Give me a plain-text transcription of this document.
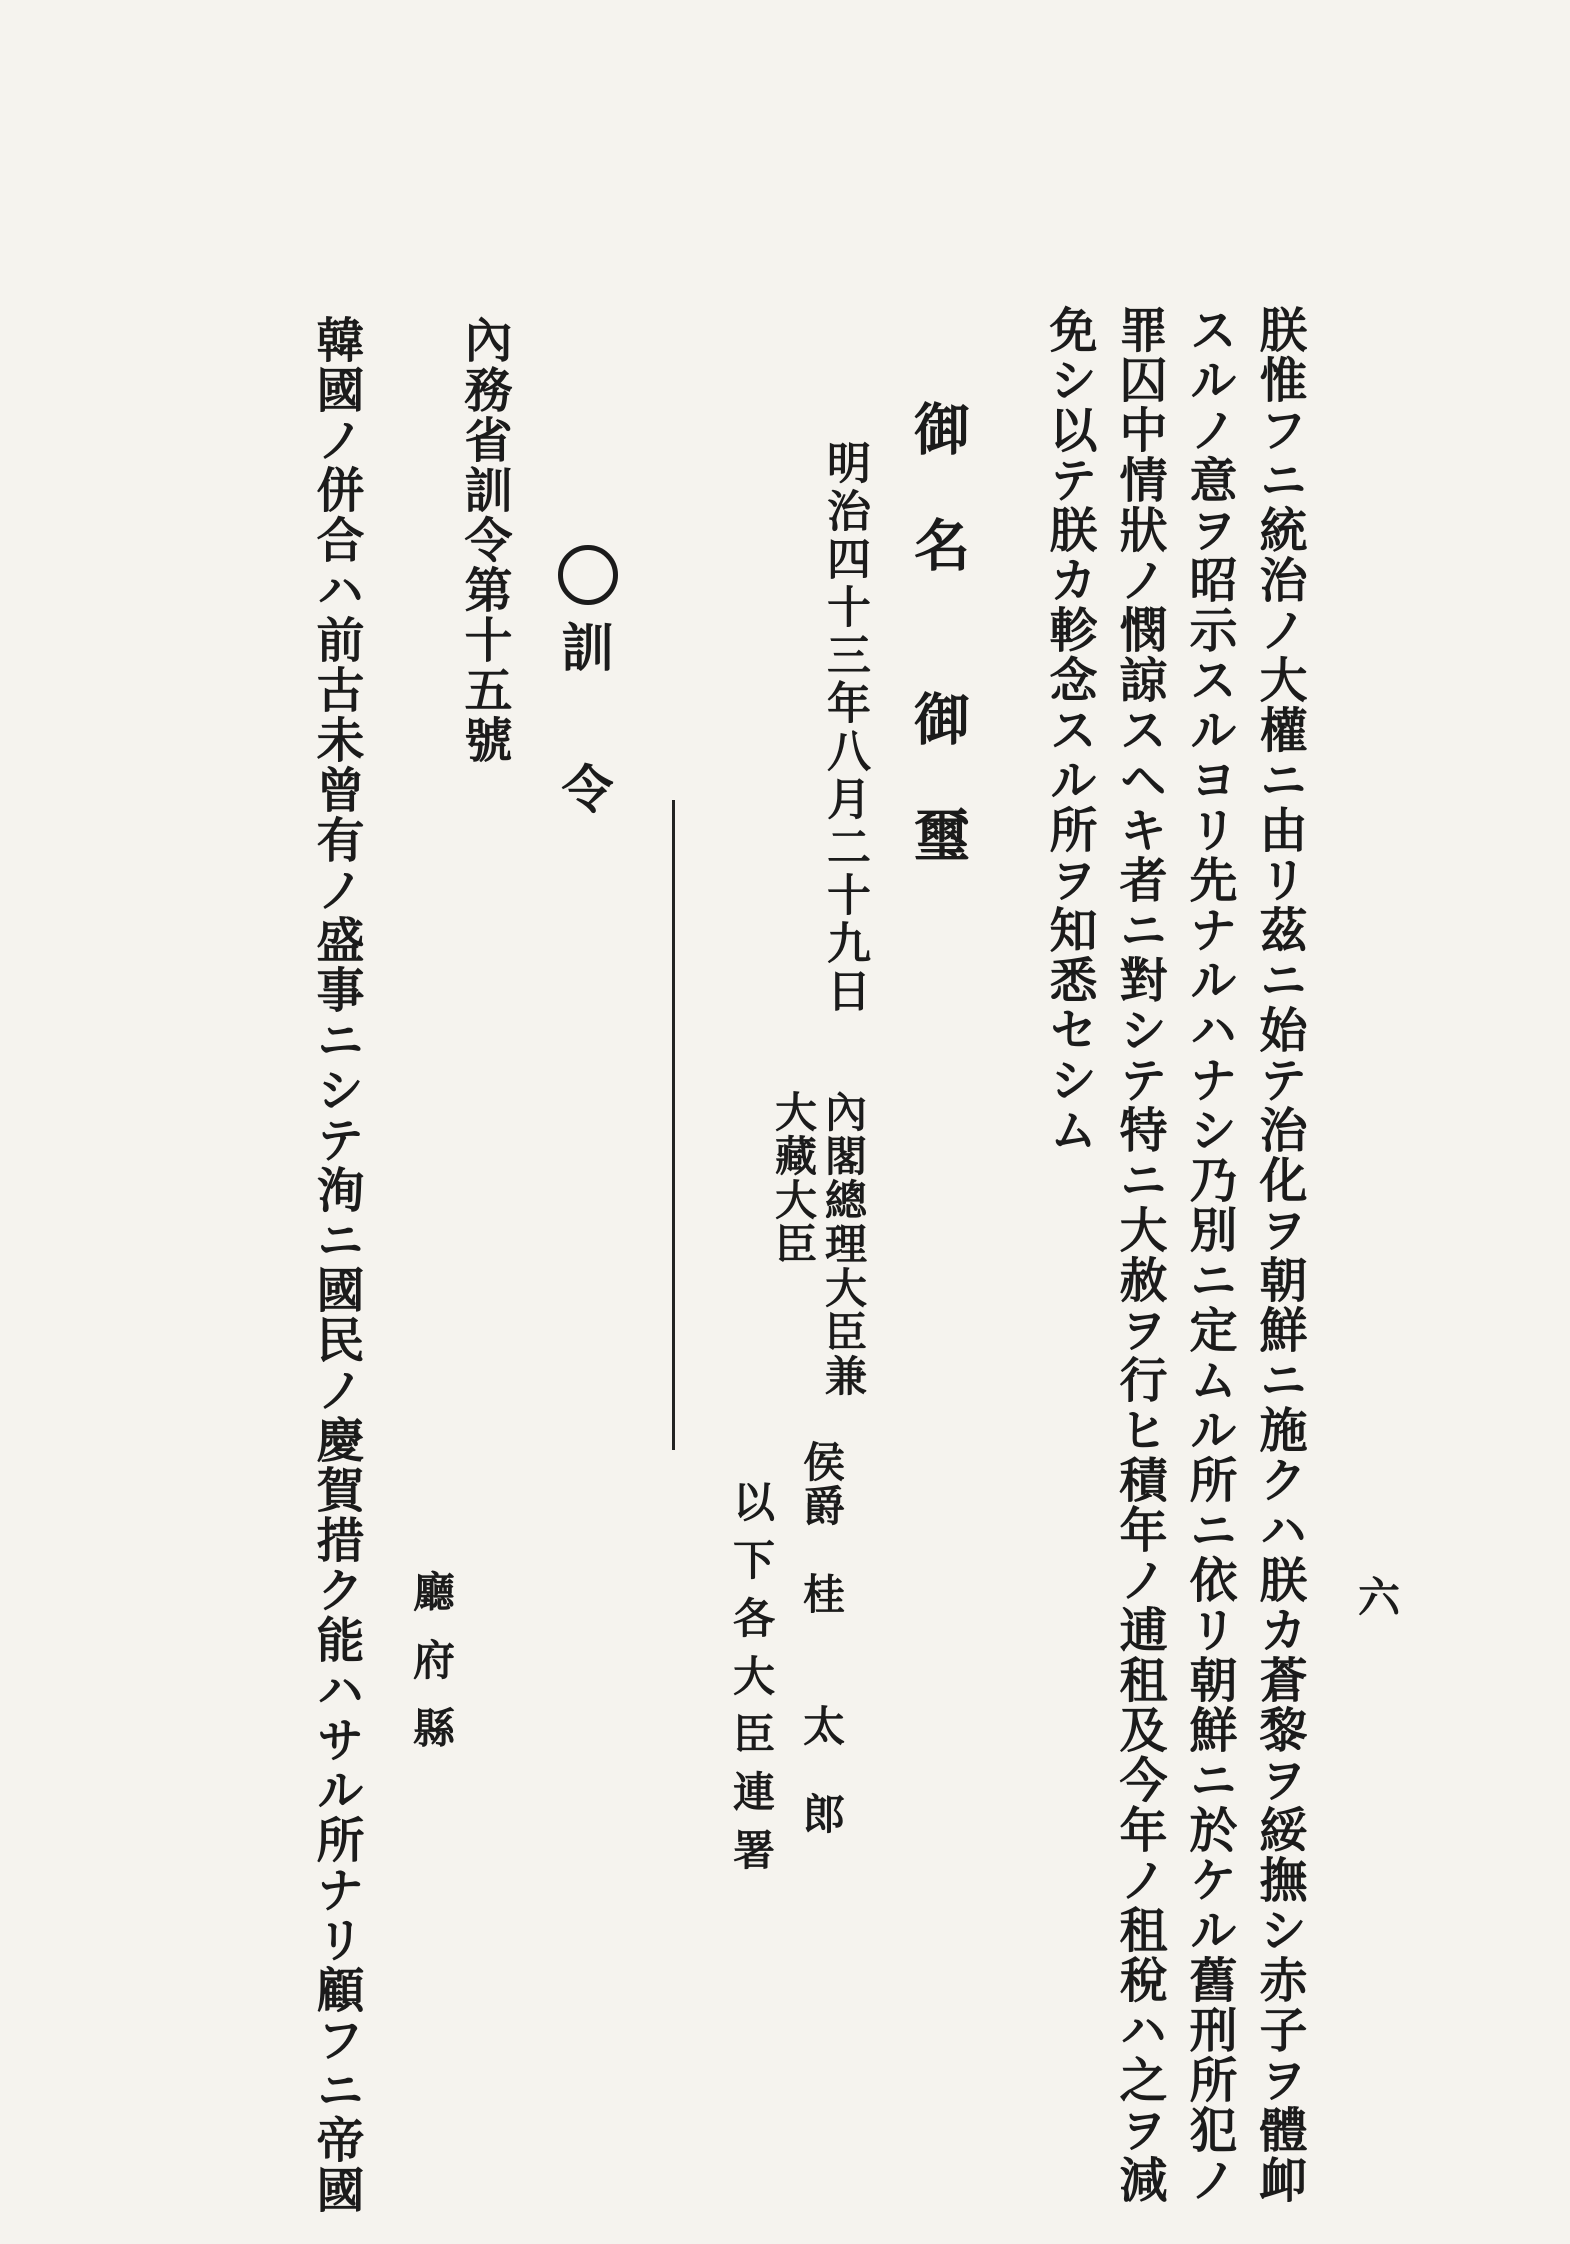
六
朕惟フニ統治ノ大權ニ由リ茲ニ始テ治化ヲ朝鮮ニ施クハ朕カ蒼黎ヲ綏撫シ赤子ヲ體卹
スルノ意ヲ昭示スルヨリ先ナルハナシ乃別ニ定ムル所ニ依リ朝鮮ニ於ケル舊刑所犯ノ
罪囚中情狀ノ憫諒スヘキ者ニ對シテ特ニ大赦ヲ行ヒ積年ノ逋租及今年ノ租稅ハ之ヲ減
免シ以テ朕カ軫念スル所ヲ知悉セシム
御名
御璽
明治四十三年八月二十九日
內閣總理大臣兼
大藏大臣
侯爵　桂　　太　郎
以下各大臣連署
訓令
內務省訓令第十五號
廳府縣
韓國ノ併合ハ前古未曾有ノ盛事ニシテ洵ニ國民ノ慶賀措ク能ハサル所ナリ顧フニ帝國
